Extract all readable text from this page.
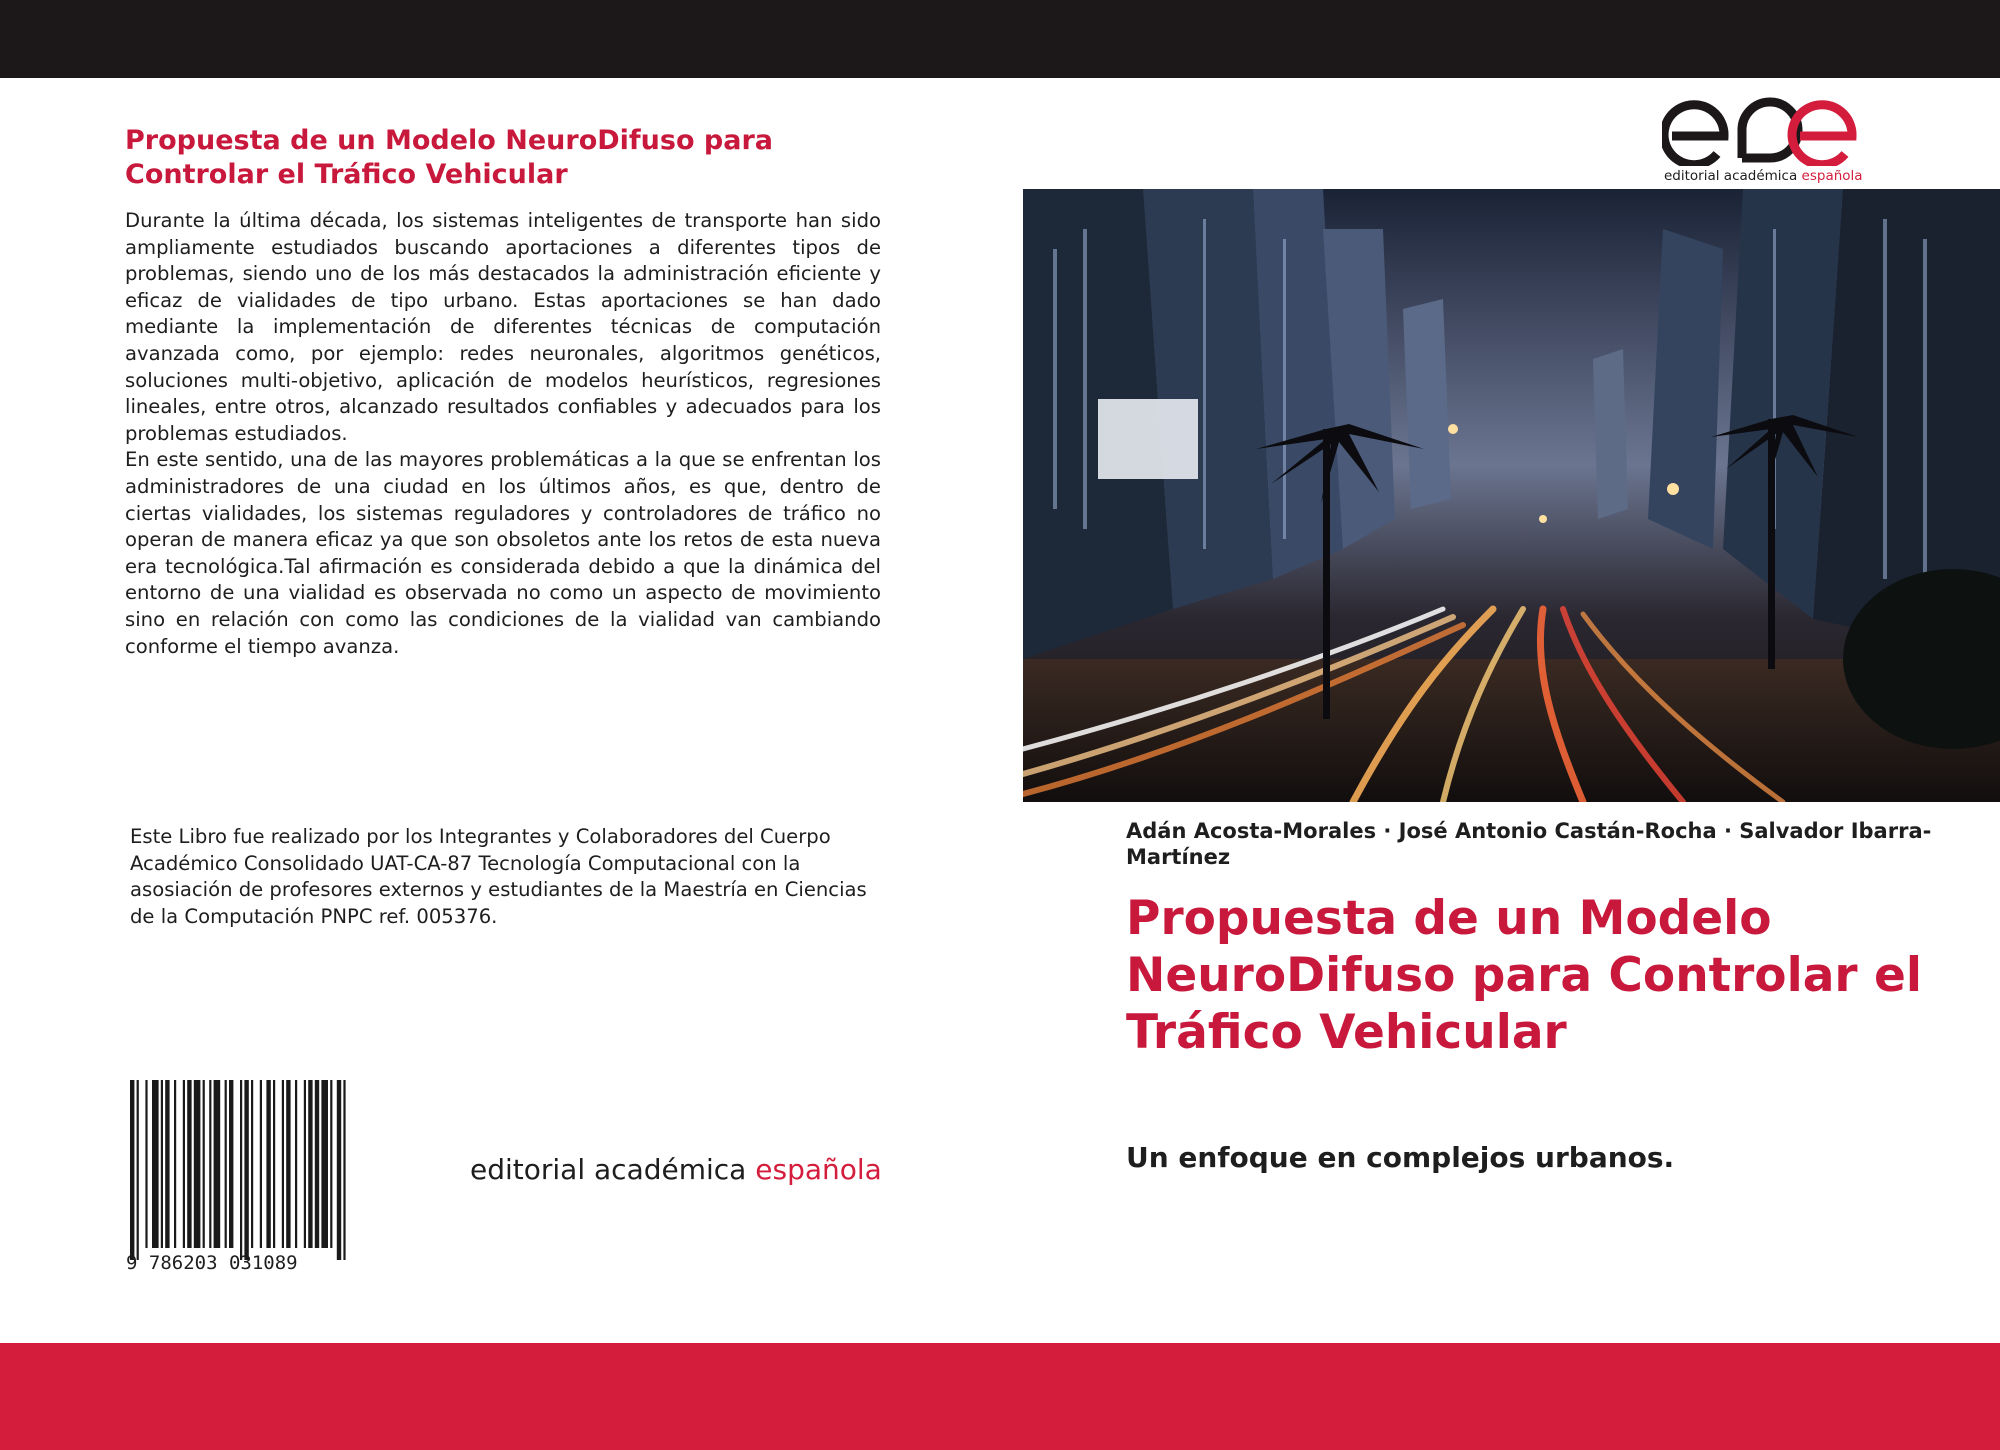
Propuesta de un Modelo NeuroDifuso para Controlar el Tráfico Vehicular

Durante la última década, los sistemas inteligentes de transporte han sido ampliamente estudiados buscando aportaciones a diferentes tipos de problemas, siendo uno de los más destacados la administración eficiente y eficaz de vialidades de tipo urbano. Estas aportaciones se han dado mediante la implementación de diferentes técnicas de computación avanzada como, por ejemplo: redes neuronales, algoritmos genéticos, soluciones multi-objetivo, aplicación de modelos heurísticos, regresiones lineales, entre otros, alcanzado resultados confiables y adecuados para los problemas estudiados.

En este sentido, una de las mayores problemáticas a la que se enfrentan los administradores de una ciudad en los últimos años, es que, dentro de ciertas vialidades, los sistemas reguladores y controladores de tráfico no operan de manera eficaz ya que son obsoletos ante los retos de esta nueva era tecnológica.Tal afirmación es considerada debido a que la dinámica del entorno de una vialidad es observada no como un aspecto de movimiento sino en relación con como las condiciones de la vialidad van cambiando conforme el tiempo avanza.

Este Libro fue realizado por los Integrantes y Colaboradores del Cuerpo Académico Consolidado UAT-CA-87 Tecnología Computacional con la asosiación de profesores externos y estudiantes de la Maestría en Ciencias de la Computación PNPC ref. 005376.
9 786203 031089
editorial académica española
editorial académica española
Adán Acosta-Morales · José Antonio Castán-Rocha · Salvador Ibarra-Martínez
Propuesta de un Modelo NeuroDifuso para Controlar el Tráfico Vehicular
Un enfoque en complejos urbanos.
